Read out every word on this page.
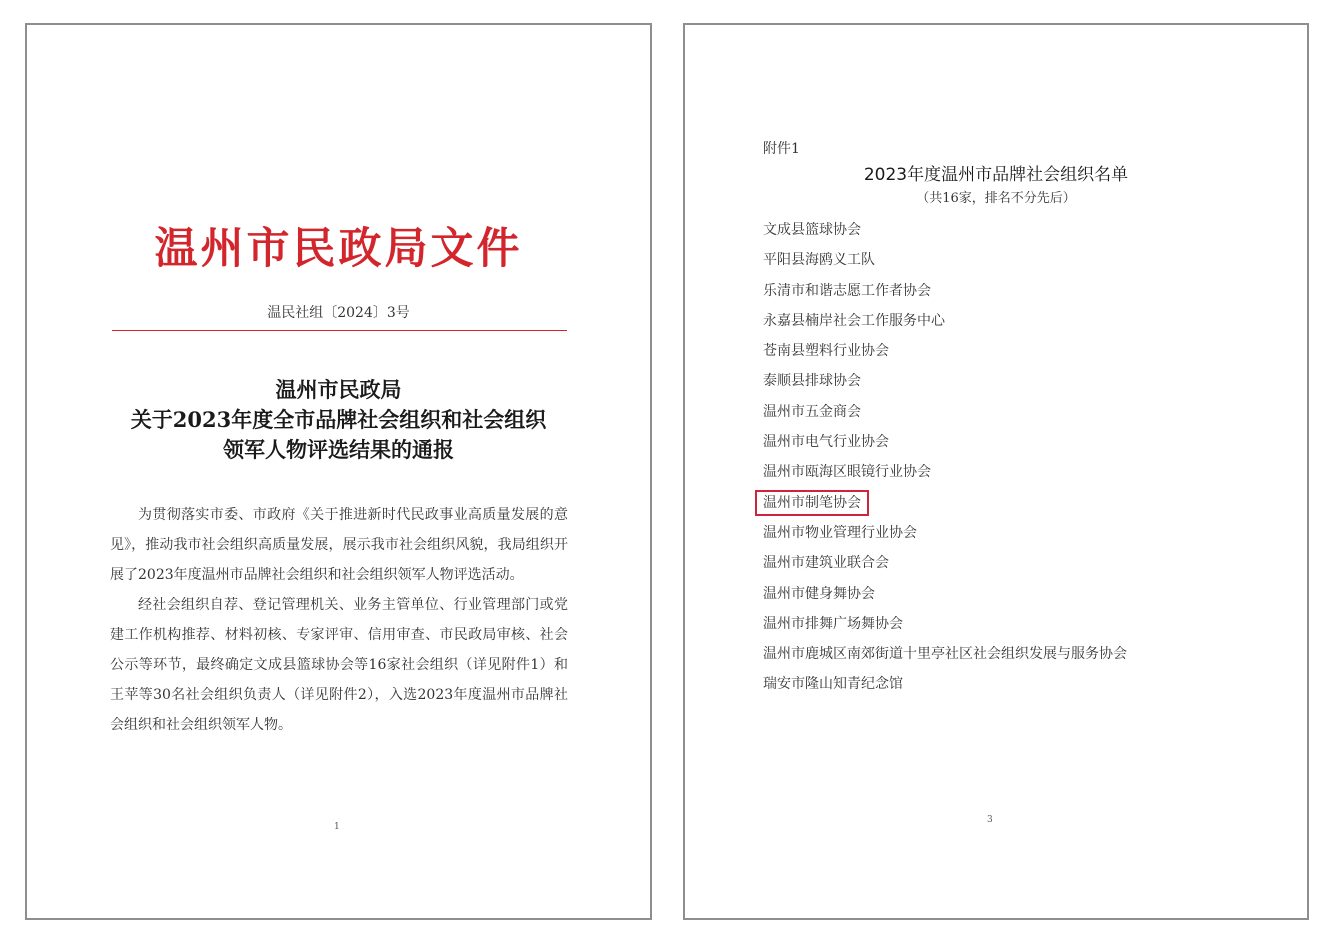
温州市民政局文件
温民社组〔2024〕3号
温州市民政局
关于2023年度全市品牌社会组织和社会组织
领军人物评选结果的通报

为贯彻落实市委、市政府《关于推进新时代民政事业高质量发展的意见》，推动我市社会组织高质量发展，展示我市社会组织风貌，我局组织开展了2023年度温州市品牌社会组织和社会组织领军人物评选活动。

经社会组织自荐、登记管理机关、业务主管单位、行业管理部门或党建工作机构推荐、材料初核、专家评审、信用审查、市民政局审核、社会公示等环节，最终确定文成县篮球协会等16家社会组织（详见附件1）和王苹等30名社会组织负责人（详见附件2），入选2023年度温州市品牌社会组织和社会组织领军人物。

1
附件1
2023年度温州市品牌社会组织名单
（共16家，排名不分先后）
文成县篮球协会
平阳县海鸥义工队
乐清市和谐志愿工作者协会
永嘉县楠岸社会工作服务中心
苍南县塑料行业协会
泰顺县排球协会
温州市五金商会
温州市电气行业协会
温州市瓯海区眼镜行业协会
温州市制笔协会
温州市物业管理行业协会
温州市建筑业联合会
温州市健身舞协会
温州市排舞广场舞协会
温州市鹿城区南郊街道十里亭社区社会组织发展与服务协会
瑞安市隆山知青纪念馆
3
